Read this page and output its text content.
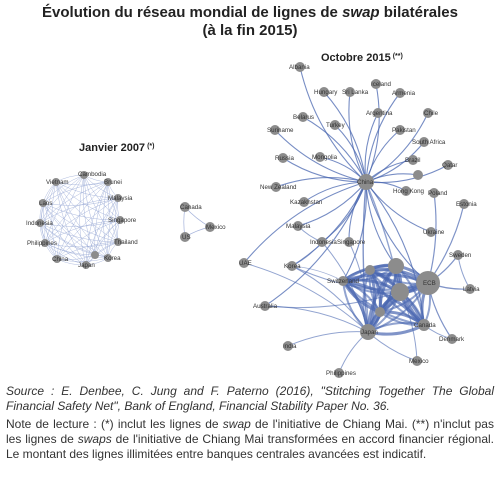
Évolution du réseau mondial de lignes de swap bilatérales
(à la fin 2015)
Cambodia
Vietnam	Brunei
Laos
Malaysia
Indonesia	Singapore
Philippines	Thailand
China
Japan
Korea
Canada
Mexico
US
Albania
Hungary Sri Lanka
Iceland
Armenia
Belarus
Argentina	Chile
Suriname
Turkey
Pakistan
South Africa
Russia	Mongolia	Brazil
Qatar
China
New Zealand
Hong Kong Poland
Kazakhstan	Estonia
Malaysia
Ukraine
Indonesia Singapore
Korea
Sweden
UAE
Switzerland	ECB
Latvia
Australia
Japan
Canada
Denmark
India
Mexico
Philippines
Janvier 2007 (*)
Octobre 2015 (**)
Source : E. Denbee, C. Jung and F. Paterno (2016), "Stitching Together The Global Financial Safety Net", Bank of England, Financial Stability Paper No. 36.
Note de lecture : (*) inclut les lignes de swap de l'initiative de Chiang Mai. (**) n'inclut pas les lignes de swaps de l'initiative de Chiang Mai transformées en accord financier régional. Le montant des lignes illimitées entre banques centrales avancées est indicatif.
